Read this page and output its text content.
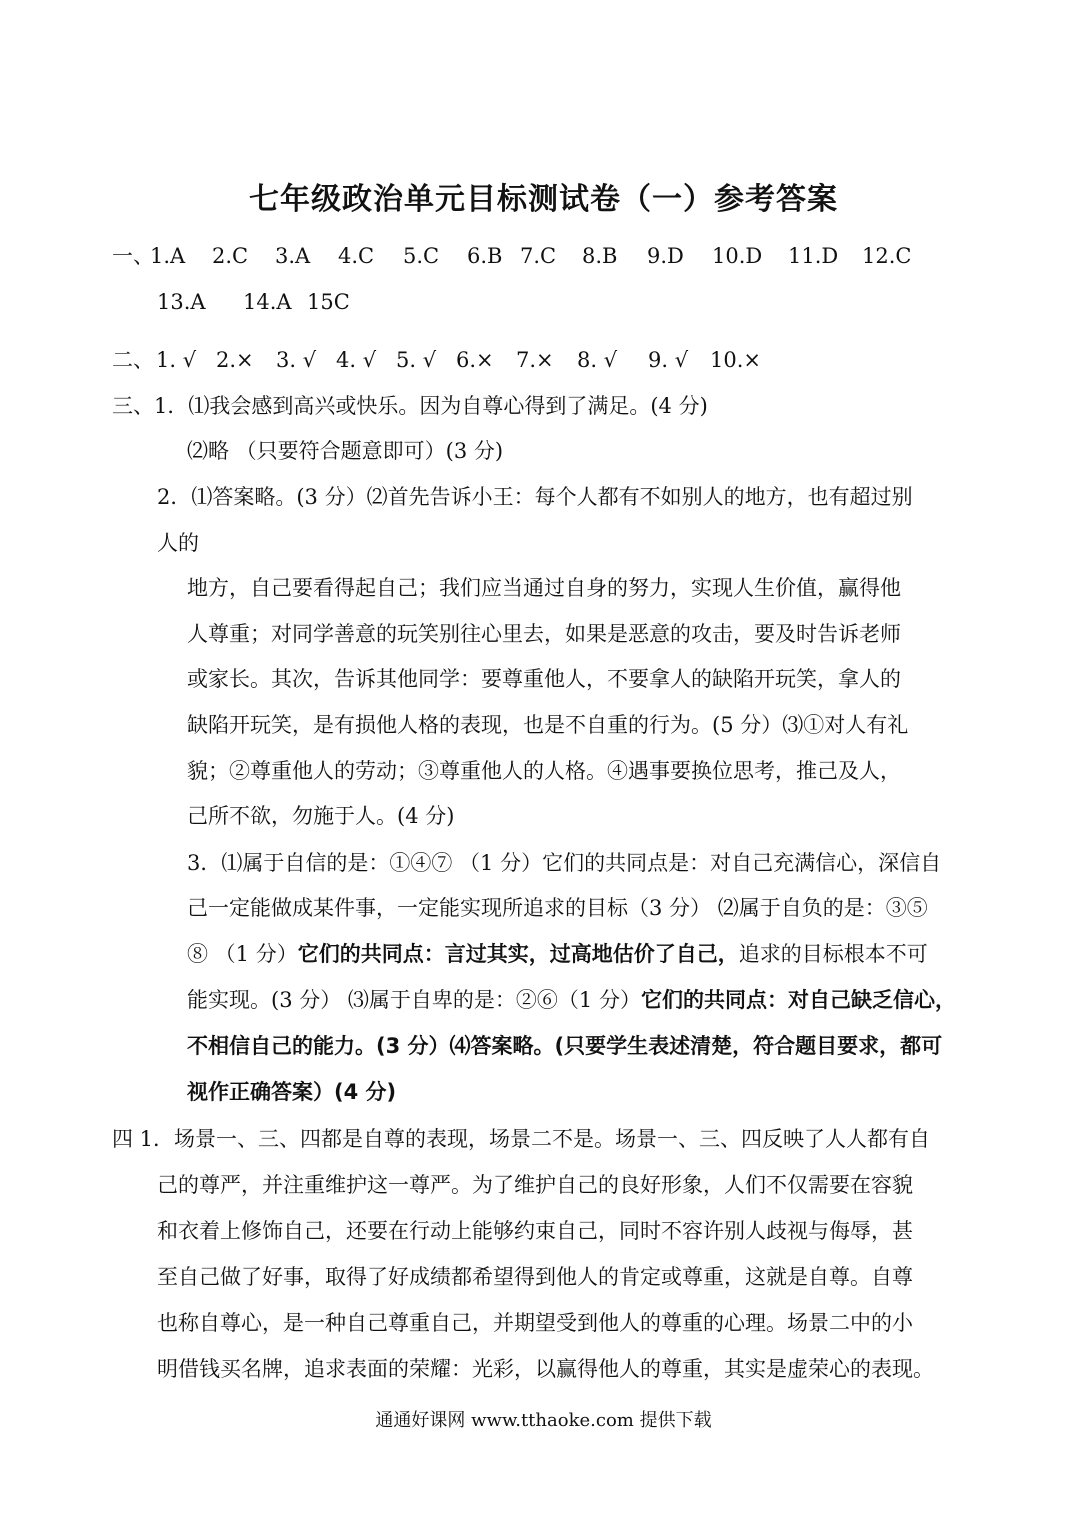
七年级政治单元目标测试卷（一）参考答案
一、
1.A 2.C 3.A 4.C 5.C 6.B 7.C 8.B 9.D 10.D 11.D 12.C
13.A 14.A 15C
二、 1. √ 2.× 3. √ 4. √ 5. √ 6.× 7.× 8. √ 9. √ 10.×
三、1．⑴我会感到高兴或快乐。因为自尊心得到了满足。(4 分)
⑵略 （只要符合题意即可）(3 分)
2．⑴答案略。(3 分）⑵首先告诉小王：每个人都有不如别人的地方，也有超过别
人的
地方，自己要看得起自己；我们应当通过自身的努力，实现人生价值，赢得他
人尊重；对同学善意的玩笑别往心里去，如果是恶意的攻击，要及时告诉老师
或家长。其次，告诉其他同学：要尊重他人，不要拿人的缺陷开玩笑，拿人的
缺陷开玩笑，是有损他人格的表现，也是不自重的行为。(5 分）⑶①对人有礼
貌；②尊重他人的劳动；③尊重他人的人格。④遇事要换位思考，推己及人，
己所不欲，勿施于人。(4 分)
3．⑴属于自信的是：①④⑦ （1 分）它们的共同点是：对自己充满信心，深信自
己一定能做成某件事，一定能实现所追求的目标（3 分） ⑵属于自负的是：③⑤
⑧ （1 分）它们的共同点：言过其实，过高地估价了自己，追求的目标根本不可
能实现。(3 分） ⑶属于自卑的是：②⑥（1 分）它们的共同点：对自己缺乏信心，
不相信自己的能力。(3 分）⑷答案略。(只要学生表述清楚，符合题目要求，都可
视作正确答案）(4 分)
四 1．场景一、三、四都是自尊的表现，场景二不是。场景一、三、四反映了人人都有自
己的尊严，并注重维护这一尊严。为了维护自己的良好形象，人们不仅需要在容貌
和衣着上修饰自己，还要在行动上能够约束自己，同时不容许别人歧视与侮辱，甚
至自己做了好事，取得了好成绩都希望得到他人的肯定或尊重，这就是自尊。自尊
也称自尊心，是一种自己尊重自己，并期望受到他人的尊重的心理。场景二中的小
明借钱买名牌，追求表面的荣耀：光彩，以赢得他人的尊重，其实是虚荣心的表现。
通通好课网 www.tthaoke.com 提供下载
